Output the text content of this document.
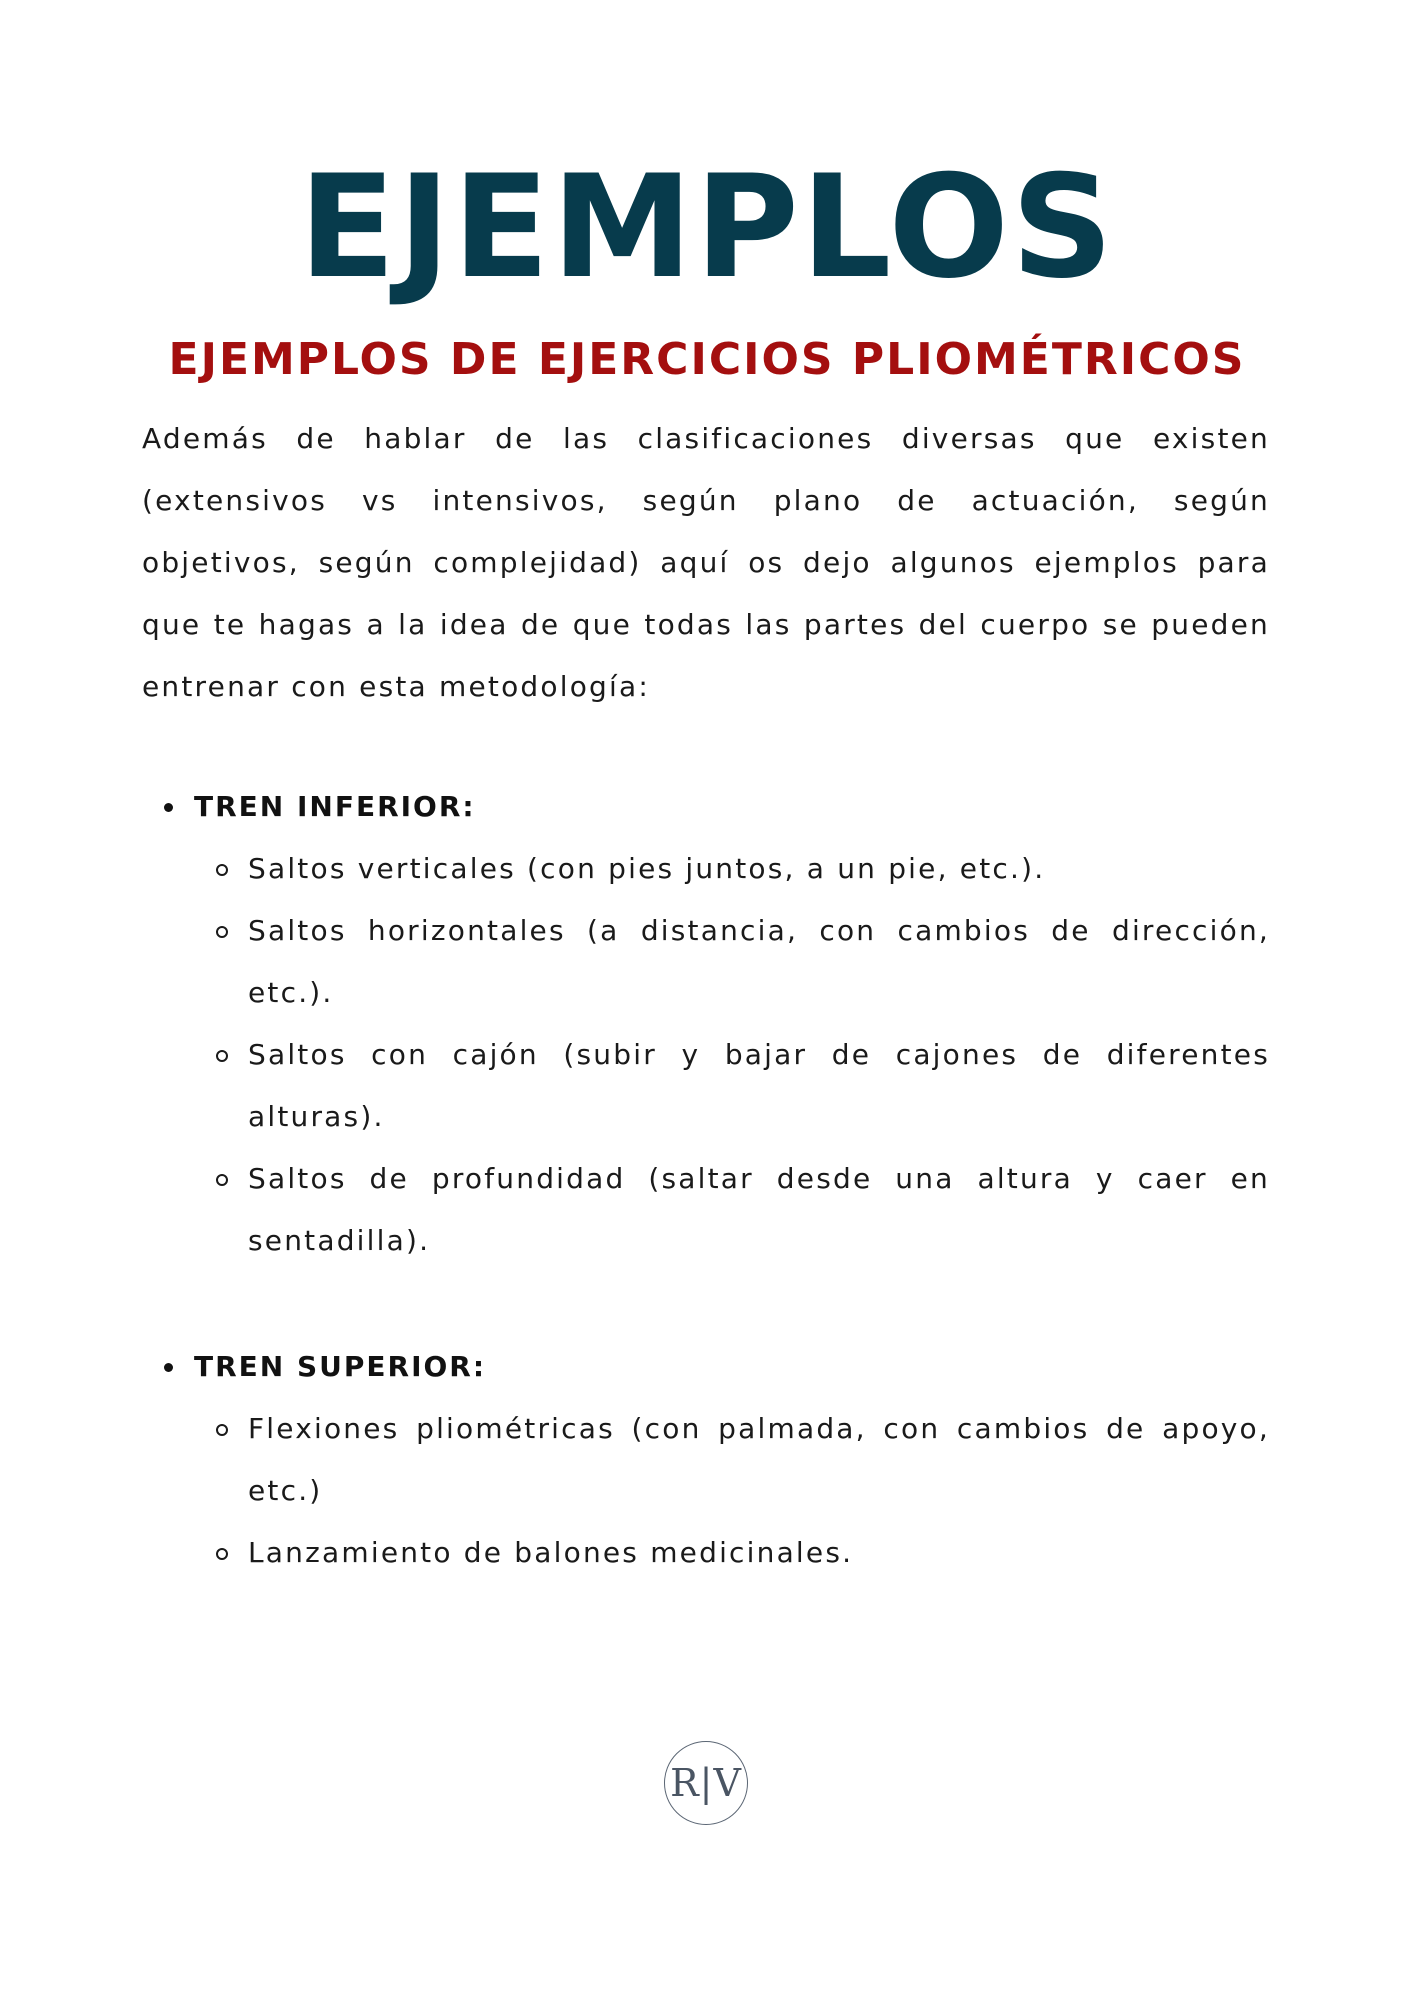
EJEMPLOS
EJEMPLOS DE EJERCICIOS PLIOMÉTRICOS

Además de hablar de las clasificaciones diversas que existen (extensivos vs intensivos, según plano de actuación, según objetivos, según complejidad) aquí os dejo algunos ejemplos para que te hagas a la idea de que todas las partes del cuerpo se pueden entrenar con esta metodología:

TREN INFERIOR:
Saltos verticales (con pies juntos, a un pie, etc.).
Saltos horizontales (a distancia, con cambios de dirección, etc.).
Saltos con cajón (subir y bajar de cajones de diferentes alturas).
Saltos de profundidad (saltar desde una altura y caer en sentadilla).
TREN SUPERIOR:
Flexiones pliométricas (con palmada, con cambios de apoyo, etc.)
Lanzamiento de balones medicinales.
R|V
